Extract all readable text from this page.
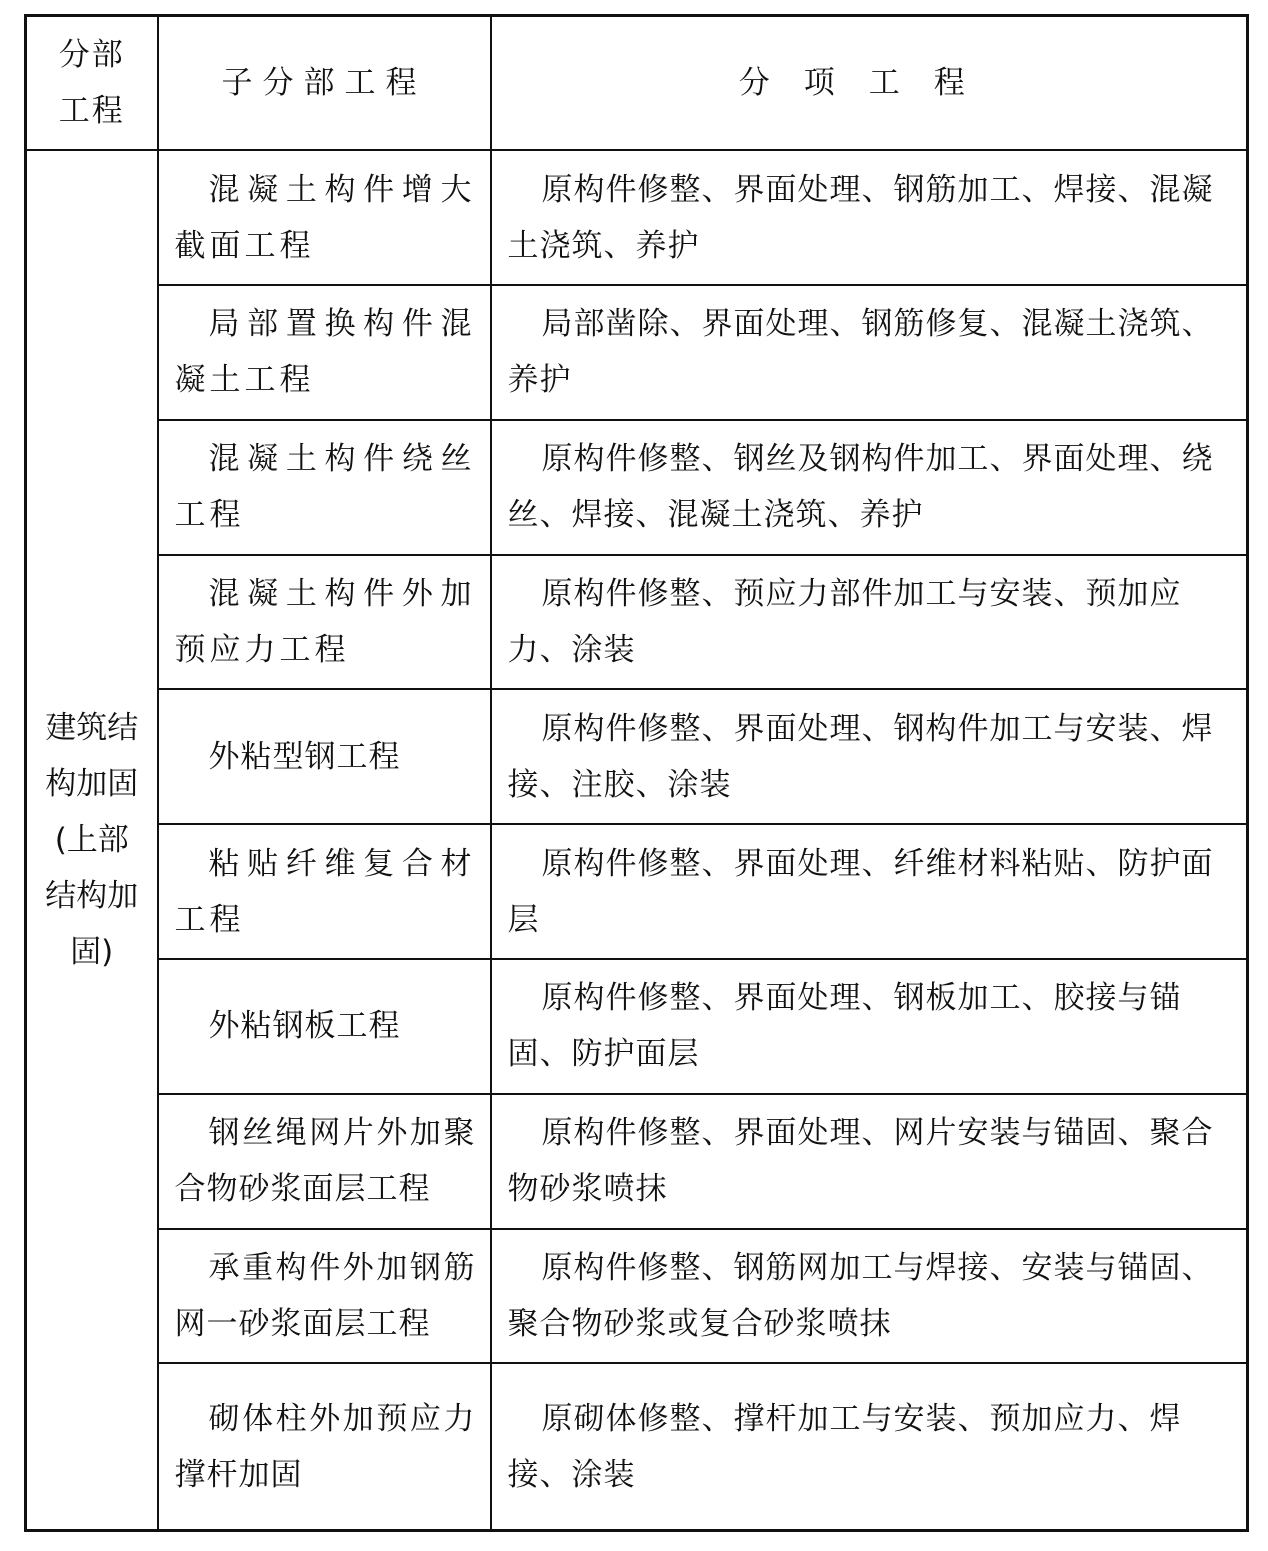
分部工程	子分部工程	分项工程
建筑结构加固(上部结构加固)	混凝土构件增大截面工程	原构件修整、界面处理、钢筋加工、焊接、混凝土浇筑、养护
	局部置换构件混凝土工程	局部凿除、界面处理、钢筋修复、混凝土浇筑、养护
	混凝土构件绕丝工程	原构件修整、钢丝及钢构件加工、界面处理、绕丝、焊接、混凝土浇筑、养护
	混凝土构件外加预应力工程	原构件修整、预应力部件加工与安装、预加应力、涂装
	外粘型钢工程	原构件修整、界面处理、钢构件加工与安装、焊接、注胶、涂装
	粘贴纤维复合材工程	原构件修整、界面处理、纤维材料粘贴、防护面层
	外粘钢板工程	原构件修整、界面处理、钢板加工、胶接与锚固、防护面层
	钢丝绳网片外加聚合物砂浆面层工程	原构件修整、界面处理、网片安装与锚固、聚合物砂浆喷抹
	承重构件外加钢筋网一砂浆面层工程	原构件修整、钢筋网加工与焊接、安装与锚固、聚合物砂浆或复合砂浆喷抹
	砌体柱外加预应力撑杆加固	原砌体修整、撑杆加工与安装、预加应力、焊接、涂装
